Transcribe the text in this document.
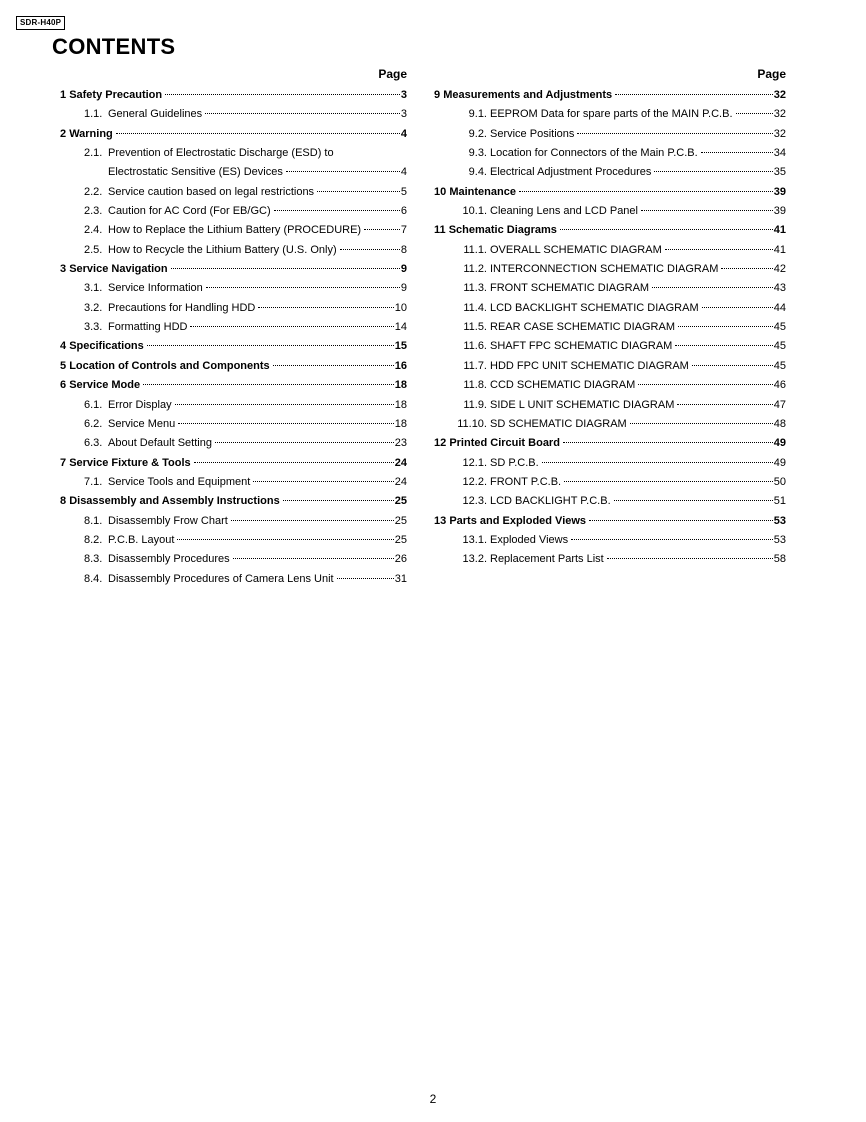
SDR-H40P
CONTENTS
Page
1 Safety Precaution	3
1.1. General Guidelines	3
2 Warning	4
2.1. Prevention of Electrostatic Discharge (ESD) to
Electrostatic Sensitive (ES) Devices	4
2.2. Service caution based on legal restrictions	5
2.3. Caution for AC Cord (For EB/GC)	6
2.4. How to Replace the Lithium Battery (PROCEDURE)	7
2.5. How to Recycle the Lithium Battery (U.S. Only)	8
3 Service Navigation	9
3.1. Service Information	9
3.2. Precautions for Handling HDD	10
3.3. Formatting HDD	14
4 Specifications	15
5 Location of Controls and Components	16
6 Service Mode	18
6.1. Error Display	18
6.2. Service Menu	18
6.3. About Default Setting	23
7 Service Fixture & Tools	24
7.1. Service Tools and Equipment	24
8 Disassembly and Assembly Instructions	25
8.1. Disassembly Frow Chart	25
8.2. P.C.B. Layout	25
8.3. Disassembly Procedures	26
8.4. Disassembly Procedures of Camera Lens Unit	31
Page
9 Measurements and Adjustments	32
9.1. EEPROM Data for spare parts of the MAIN P.C.B.	32
9.2. Service Positions	32
9.3. Location for Connectors of the Main P.C.B.	34
9.4. Electrical Adjustment Procedures	35
10 Maintenance	39
10.1. Cleaning Lens and LCD Panel	39
11 Schematic Diagrams	41
11.1. OVERALL SCHEMATIC DIAGRAM	41
11.2. INTERCONNECTION SCHEMATIC DIAGRAM	42
11.3. FRONT SCHEMATIC DIAGRAM	43
11.4. LCD BACKLIGHT SCHEMATIC DIAGRAM	44
11.5. REAR CASE SCHEMATIC DIAGRAM	45
11.6. SHAFT FPC SCHEMATIC DIAGRAM	45
11.7. HDD FPC UNIT SCHEMATIC DIAGRAM	45
11.8. CCD SCHEMATIC DIAGRAM	46
11.9. SIDE L UNIT SCHEMATIC DIAGRAM	47
11.10. SD SCHEMATIC DIAGRAM	48
12 Printed Circuit Board	49
12.1. SD P.C.B.	49
12.2. FRONT P.C.B.	50
12.3. LCD BACKLIGHT P.C.B.	51
13 Parts and Exploded Views	53
13.1. Exploded Views	53
13.2. Replacement Parts List	58
2
